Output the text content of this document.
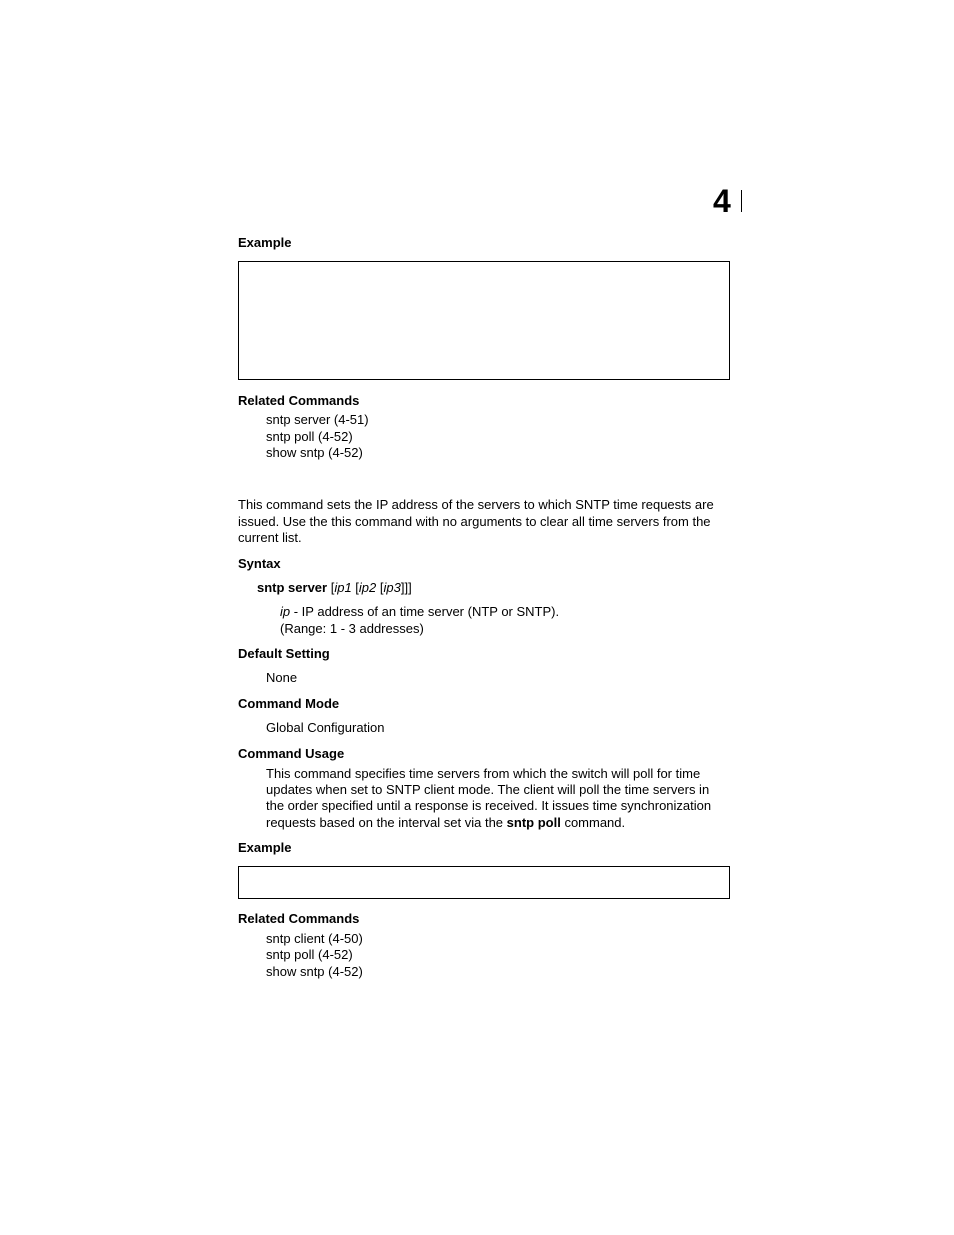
4
Example
Related Commands
sntp server (4-51)
sntp poll (4-52)
show sntp (4-52)
This command sets the IP address of the servers to which SNTP time requests are
issued. Use the this command with no arguments to clear all time servers from the
current list.
Syntax
sntp server [ip1 [ip2 [ip3]]]
ip - IP address of an time server (NTP or SNTP).
(Range: 1 - 3 addresses)
Default Setting
None
Command Mode
Global Configuration
Command Usage
This command specifies time servers from which the switch will poll for time
updates when set to SNTP client mode. The client will poll the time servers in
the order specified until a response is received. It issues time synchronization
requests based on the interval set via the sntp poll command.
Example
Related Commands
sntp client (4-50)
sntp poll (4-52)
show sntp (4-52)
